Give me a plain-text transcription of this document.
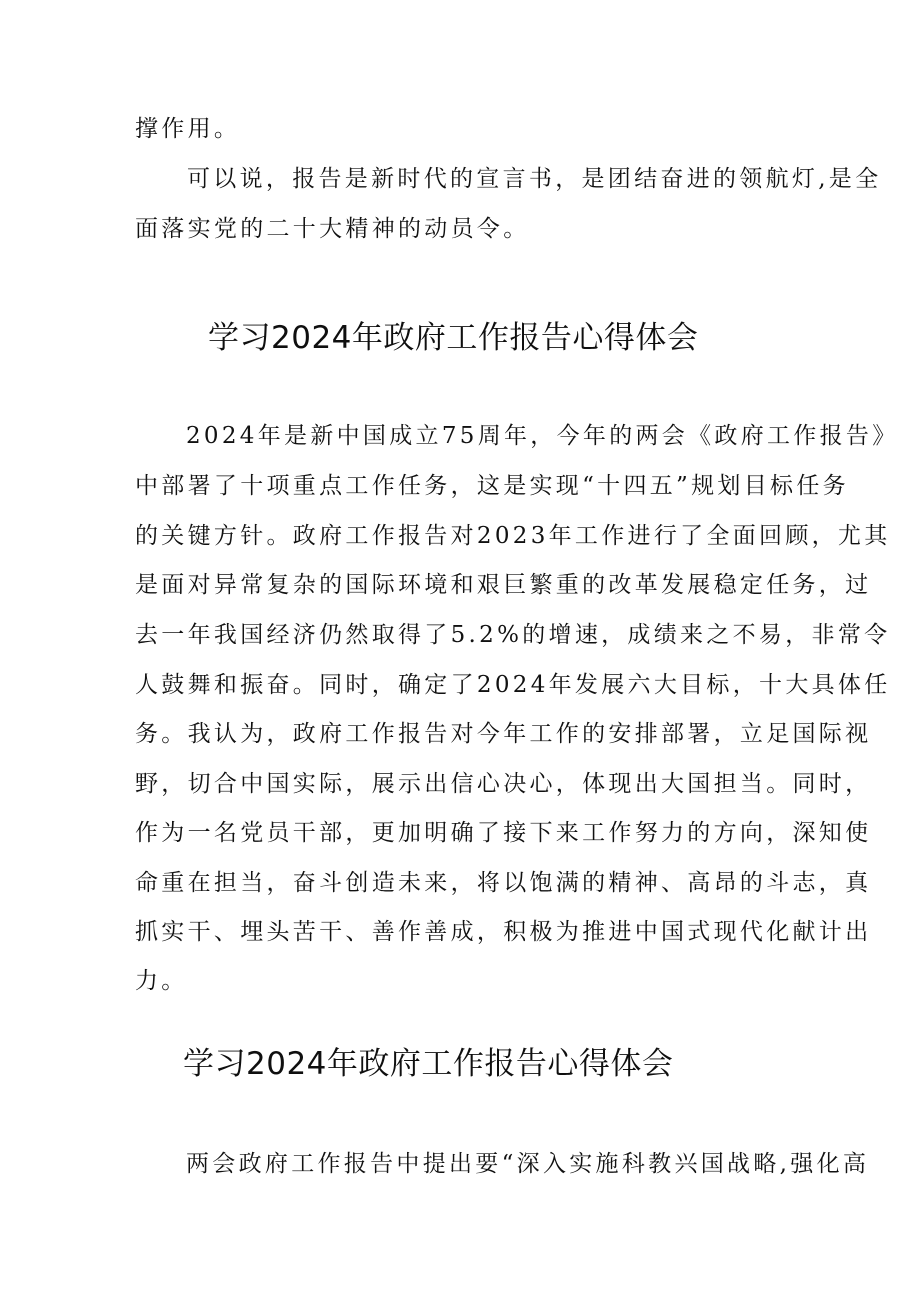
撑作用。
可以说，报告是新时代的宣言书，是团结奋进的领航灯,是全
面落实党的二十大精神的动员令。
学习2024年政府工作报告心得体会
2024年是新中国成立75周年，今年的两会《政府工作报告》
中部署了十项重点工作任务，这是实现“十四五”规划目标任务
的关键方针。政府工作报告对2023年工作进行了全面回顾，尤其
是面对异常复杂的国际环境和艰巨繁重的改革发展稳定任务，过
去一年我国经济仍然取得了5.2%的增速，成绩来之不易，非常令
人鼓舞和振奋。同时，确定了2024年发展六大目标，十大具体任
务。我认为，政府工作报告对今年工作的安排部署，立足国际视
野，切合中国实际，展示出信心决心，体现出大国担当。同时，
作为一名党员干部，更加明确了接下来工作努力的方向，深知使
命重在担当，奋斗创造未来，将以饱满的精神、高昂的斗志，真
抓实干、埋头苦干、善作善成，积极为推进中国式现代化献计出
力。
学习2024年政府工作报告心得体会
两会政府工作报告中提出要“深入实施科教兴国战略,强化高
